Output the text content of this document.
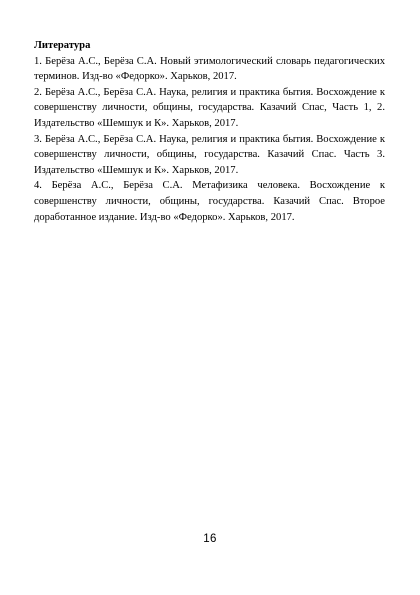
Литература

1. Берёза А.С., Берёза С.А. Новый этимологический словарь педагогических терминов. Изд-во «Федорко». Харьков, 2017.

2. Берёза А.С., Берёза С.А. Наука, религия и практика бытия. Восхождение к совершенству личности, общины, государства. Казачий Спас, Часть 1, 2. Издательство «Шемшук и К». Харьков, 2017.

3. Берёза А.С., Берёза С.А. Наука, религия и практика бытия. Восхождение к совершенству личности, общины, государства. Казачий Спас. Часть 3. Издательство «Шемшук и К». Харьков, 2017.

4. Берёза А.С., Берёза С.А. Метафизика человека. Восхождение к совершенству личности, общины, государства. Казачий Спас. Второе доработанное издание. Изд-во «Федорко». Харьков, 2017.

16
